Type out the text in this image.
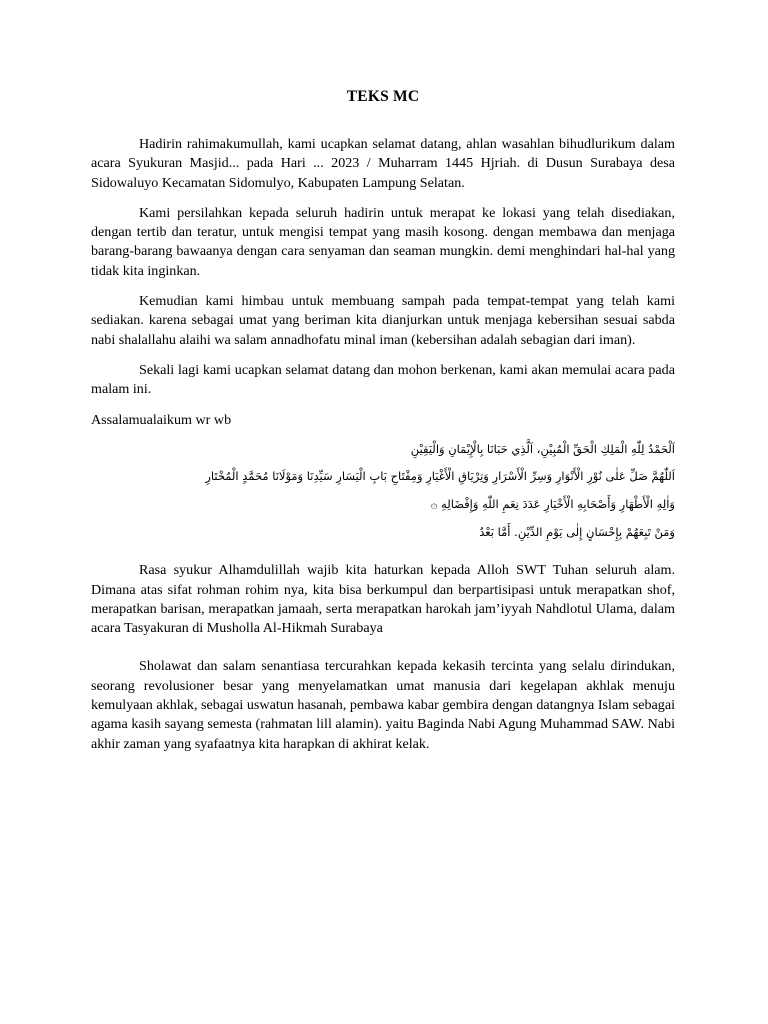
TEKS MC

Hadirin rahimakumullah, kami ucapkan selamat datang, ahlan wasahlan bihudlurikum dalam acara Syukuran Masjid... pada Hari ... 2023 / Muharram 1445 Hjriah. di Dusun Surabaya desa Sidowaluyo Kecamatan Sidomulyo, Kabupaten Lampung Selatan.

Kami persilahkan kepada seluruh hadirin untuk merapat ke lokasi yang telah disediakan, dengan tertib dan teratur, untuk mengisi tempat yang masih kosong. dengan membawa dan menjaga barang-barang bawaanya dengan cara senyaman dan seaman mungkin. demi menghindari hal-hal yang tidak kita inginkan.

Kemudian kami himbau untuk membuang sampah pada tempat-tempat yang telah kami sediakan. karena sebagai umat yang beriman kita dianjurkan untuk menjaga kebersihan sesuai sabda nabi shalallahu alaihi wa salam annadhofatu minal iman (kebersihan adalah sebagian dari iman).

Sekali lagi kami ucapkan selamat datang dan mohon berkenan, kami akan memulai acara pada malam ini.

Assalamualaikum wr wb

اَلْحَمْدُ لِلّٰهِ الْمَلِكِ الْحَقِّ الْمُبِيْنِ، اَلَّذِي حَبَانَا بِالْإِيْمَانِ وَالْيَقِيْنِ
اَللّٰهُمَّ صَلِّ عَلٰى نُوْرِ الْأَنْوَارِ وَسِرِّ الْأَسْرَارِ وَتِرْيَاقِ الْأَغْيَارِ وَمِفْتَاحِ بَابِ الْيَسَارِ سَيِّدِنَا وَمَوْلَانَا مُحَمَّدٍ الْمُخْتَارِ
وَاٰلِهِ الْأَطْهَارِ وَأَصْحَابِهِ الْأَخْيَارِ عَدَدَ نِعَمِ اللّٰهِ وَإِفْضَالِهِ ۞
وَمَنْ تَبِعَهُمْ بِإِحْسَانٍ إِلٰى يَوْمِ الدِّيْنِ. أَمَّا بَعْدُ

Rasa syukur Alhamdulillah wajib kita haturkan kepada Alloh SWT Tuhan seluruh alam. Dimana atas sifat rohman rohim nya, kita bisa berkumpul dan berpartisipasi untuk merapatkan shof, merapatkan barisan, merapatkan jamaah, serta merapatkan harokah jam’iyyah Nahdlotul Ulama, dalam acara Tasyakuran di Musholla Al-Hikmah Surabaya

Sholawat dan salam senantiasa tercurahkan kepada kekasih tercinta yang selalu dirindukan, seorang revolusioner besar yang menyelamatkan umat manusia dari kegelapan akhlak menuju kemulyaan akhlak, sebagai uswatun hasanah, pembawa kabar gembira dengan datangnya Islam sebagai agama kasih sayang semesta (rahmatan lill alamin). yaitu Baginda Nabi Agung Muhammad SAW. Nabi akhir zaman yang syafaatnya kita harapkan di akhirat kelak.
